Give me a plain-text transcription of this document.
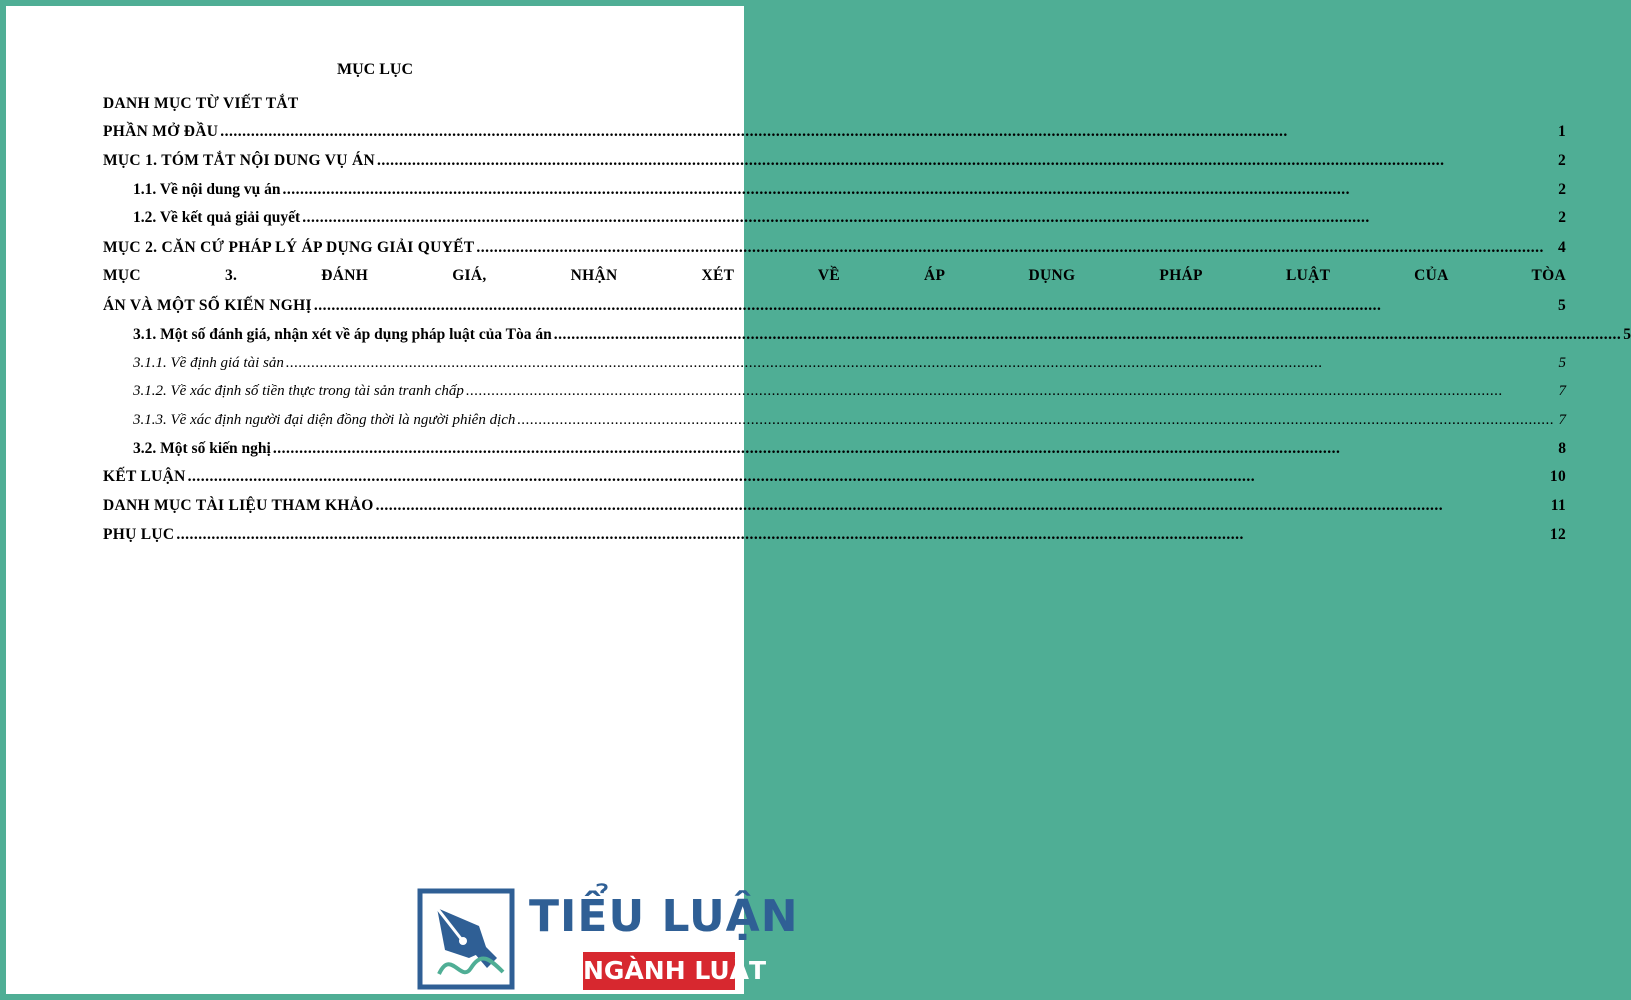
MỤC LỤC
DANH MỤC TỪ VIẾT TẮT
PHẦN MỞ ĐẦU .....	1
MỤC 1. TÓM TẮT NỘI DUNG VỤ ÁN .....	2
1.1. Về nội dung vụ án .....	2
1.2. Về kết quả giải quyết .....	2
MỤC 2. CĂN CỨ PHÁP LÝ ÁP DỤNG GIẢI QUYẾT .....	4
MỤC 3. ĐÁNH GIÁ, NHẬN XÉT VỀ ÁP DỤNG PHÁP LUẬT CỦA TÒA
ÁN VÀ MỘT SỐ KIẾN NGHỊ .....	5
3.1. Một số đánh giá, nhận xét về áp dụng pháp luật của Tòa án .....	5
3.1.1. Về định giá tài sản .....	5
3.1.2. Về xác định số tiền thực trong tài sản tranh chấp .....	7
3.1.3. Về xác định người đại diện đồng thời là người phiên dịch .....	7
3.2. Một số kiến nghị .....	8
KẾT LUẬN .....	10
DANH MỤC TÀI LIỆU THAM KHẢO .....	11
PHỤ LỤC .....	12
TIỂU LUẬN
NGÀNH LUẬT
